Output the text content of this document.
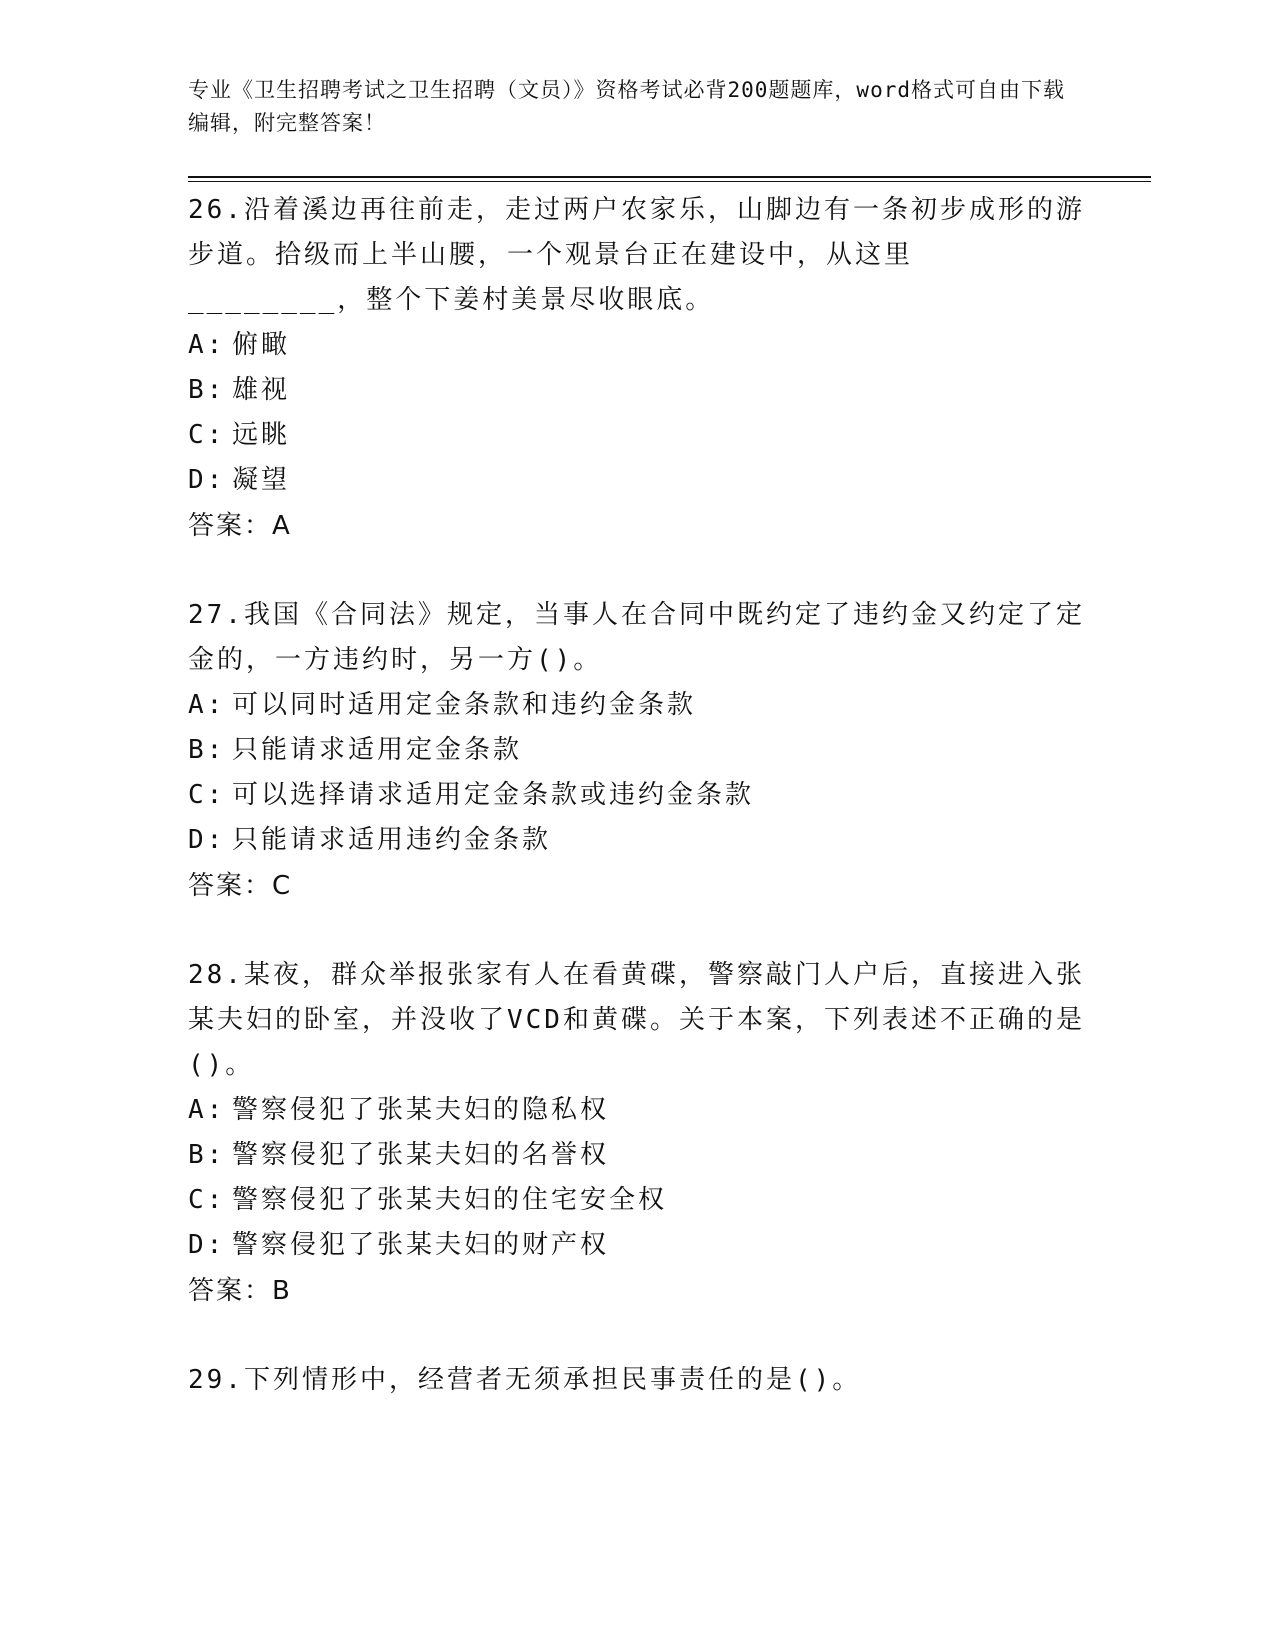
专业《卫生招聘考试之卫生招聘（文员）》资格考试必背200题题库，word格式可自由下载编辑，附完整答案！

26.沿着溪边再往前走，走过两户农家乐，山脚边有一条初步成形的游步道。拾级而上半山腰，一个观景台正在建设中，从这里________，整个下姜村美景尽收眼底。

A: 俯瞰
B: 雄视
C: 远眺
D: 凝望
答案：A

27.我国《合同法》规定，当事人在合同中既约定了违约金又约定了定金的，一方违约时，另一方()。

A: 可以同时适用定金条款和违约金条款
B: 只能请求适用定金条款
C: 可以选择请求适用定金条款或违约金条款
D: 只能请求适用违约金条款
答案：C

28.某夜，群众举报张家有人在看黄碟，警察敲门人户后，直接进入张某夫妇的卧室，并没收了VCD和黄碟。关于本案，下列表述不正确的是()。

A: 警察侵犯了张某夫妇的隐私权
B: 警察侵犯了张某夫妇的名誉权
C: 警察侵犯了张某夫妇的住宅安全权
D: 警察侵犯了张某夫妇的财产权
答案：B

29.下列情形中，经营者无须承担民事责任的是()。
